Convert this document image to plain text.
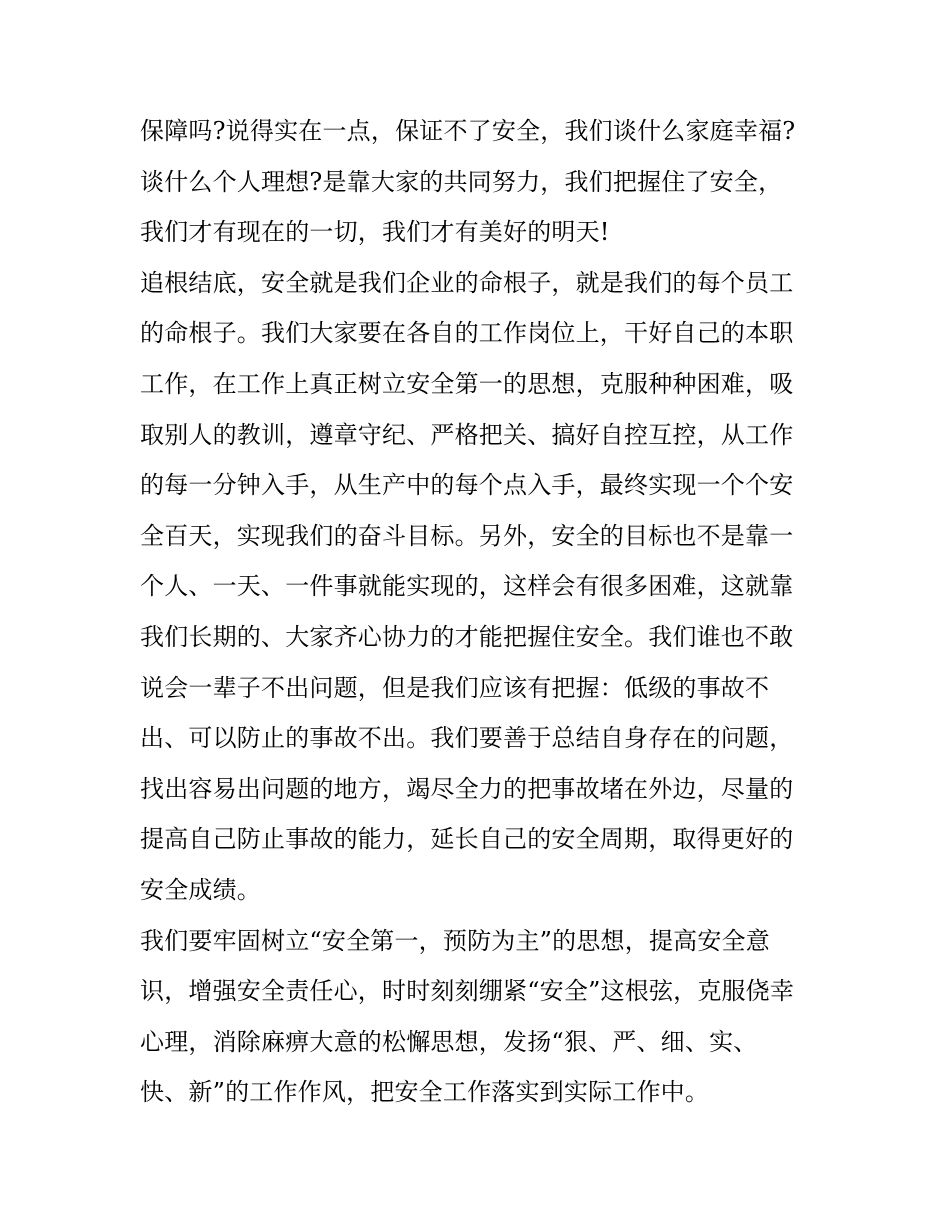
保障吗?说得实在一点，保证不了安全，我们谈什么家庭幸福?
谈什么个人理想?是靠大家的共同努力，我们把握住了安全，
我们才有现在的一切，我们才有美好的明天!
追根结底，安全就是我们企业的命根子，就是我们的每个员工
的命根子。我们大家要在各自的工作岗位上，干好自己的本职
工作，在工作上真正树立安全第一的思想，克服种种困难，吸
取别人的教训，遵章守纪、严格把关、搞好自控互控，从工作
的每一分钟入手，从生产中的每个点入手，最终实现一个个安
全百天，实现我们的奋斗目标。另外，安全的目标也不是靠一
个人、一天、一件事就能实现的，这样会有很多困难，这就靠
我们长期的、大家齐心协力的才能把握住安全。我们谁也不敢
说会一辈子不出问题，但是我们应该有把握：低级的事故不
出、可以防止的事故不出。我们要善于总结自身存在的问题，
找出容易出问题的地方，竭尽全力的把事故堵在外边，尽量的
提高自己防止事故的能力，延长自己的安全周期，取得更好的
安全成绩。
我们要牢固树立“安全第一，预防为主”的思想，提高安全意
识，增强安全责任心，时时刻刻绷紧“安全”这根弦，克服侥幸
心理，消除麻痹大意的松懈思想，发扬“狠、严、细、实、
快、新”的工作作风，把安全工作落实到实际工作中。
